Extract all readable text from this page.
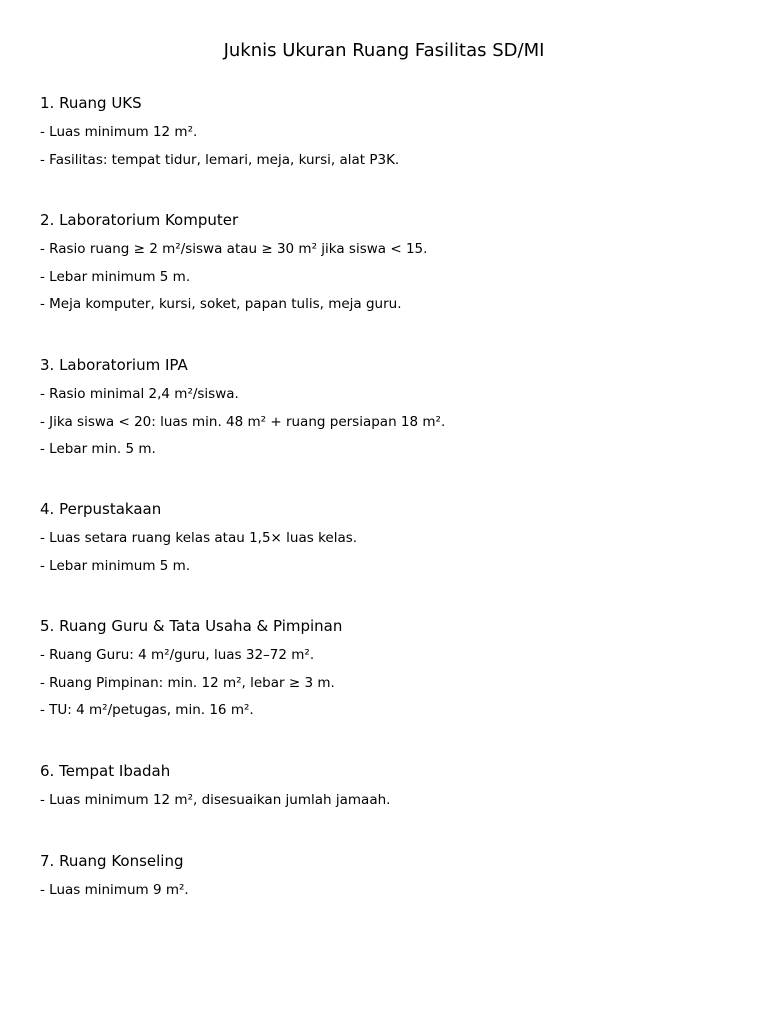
Juknis Ukuran Ruang Fasilitas SD/MI
1. Ruang UKS

- Luas minimum 12 m².

- Fasilitas: tempat tidur, lemari, meja, kursi, alat P3K.

2. Laboratorium Komputer

- Rasio ruang ≥ 2 m²/siswa atau ≥ 30 m² jika siswa < 15.

- Lebar minimum 5 m.

- Meja komputer, kursi, soket, papan tulis, meja guru.

3. Laboratorium IPA

- Rasio minimal 2,4 m²/siswa.

- Jika siswa < 20: luas min. 48 m² + ruang persiapan 18 m².

- Lebar min. 5 m.

4. Perpustakaan

- Luas setara ruang kelas atau 1,5× luas kelas.

- Lebar minimum 5 m.

5. Ruang Guru & Tata Usaha & Pimpinan

- Ruang Guru: 4 m²/guru, luas 32–72 m².

- Ruang Pimpinan: min. 12 m², lebar ≥ 3 m.

- TU: 4 m²/petugas, min. 16 m².

6. Tempat Ibadah

- Luas minimum 12 m², disesuaikan jumlah jamaah.

7. Ruang Konseling

- Luas minimum 9 m².
